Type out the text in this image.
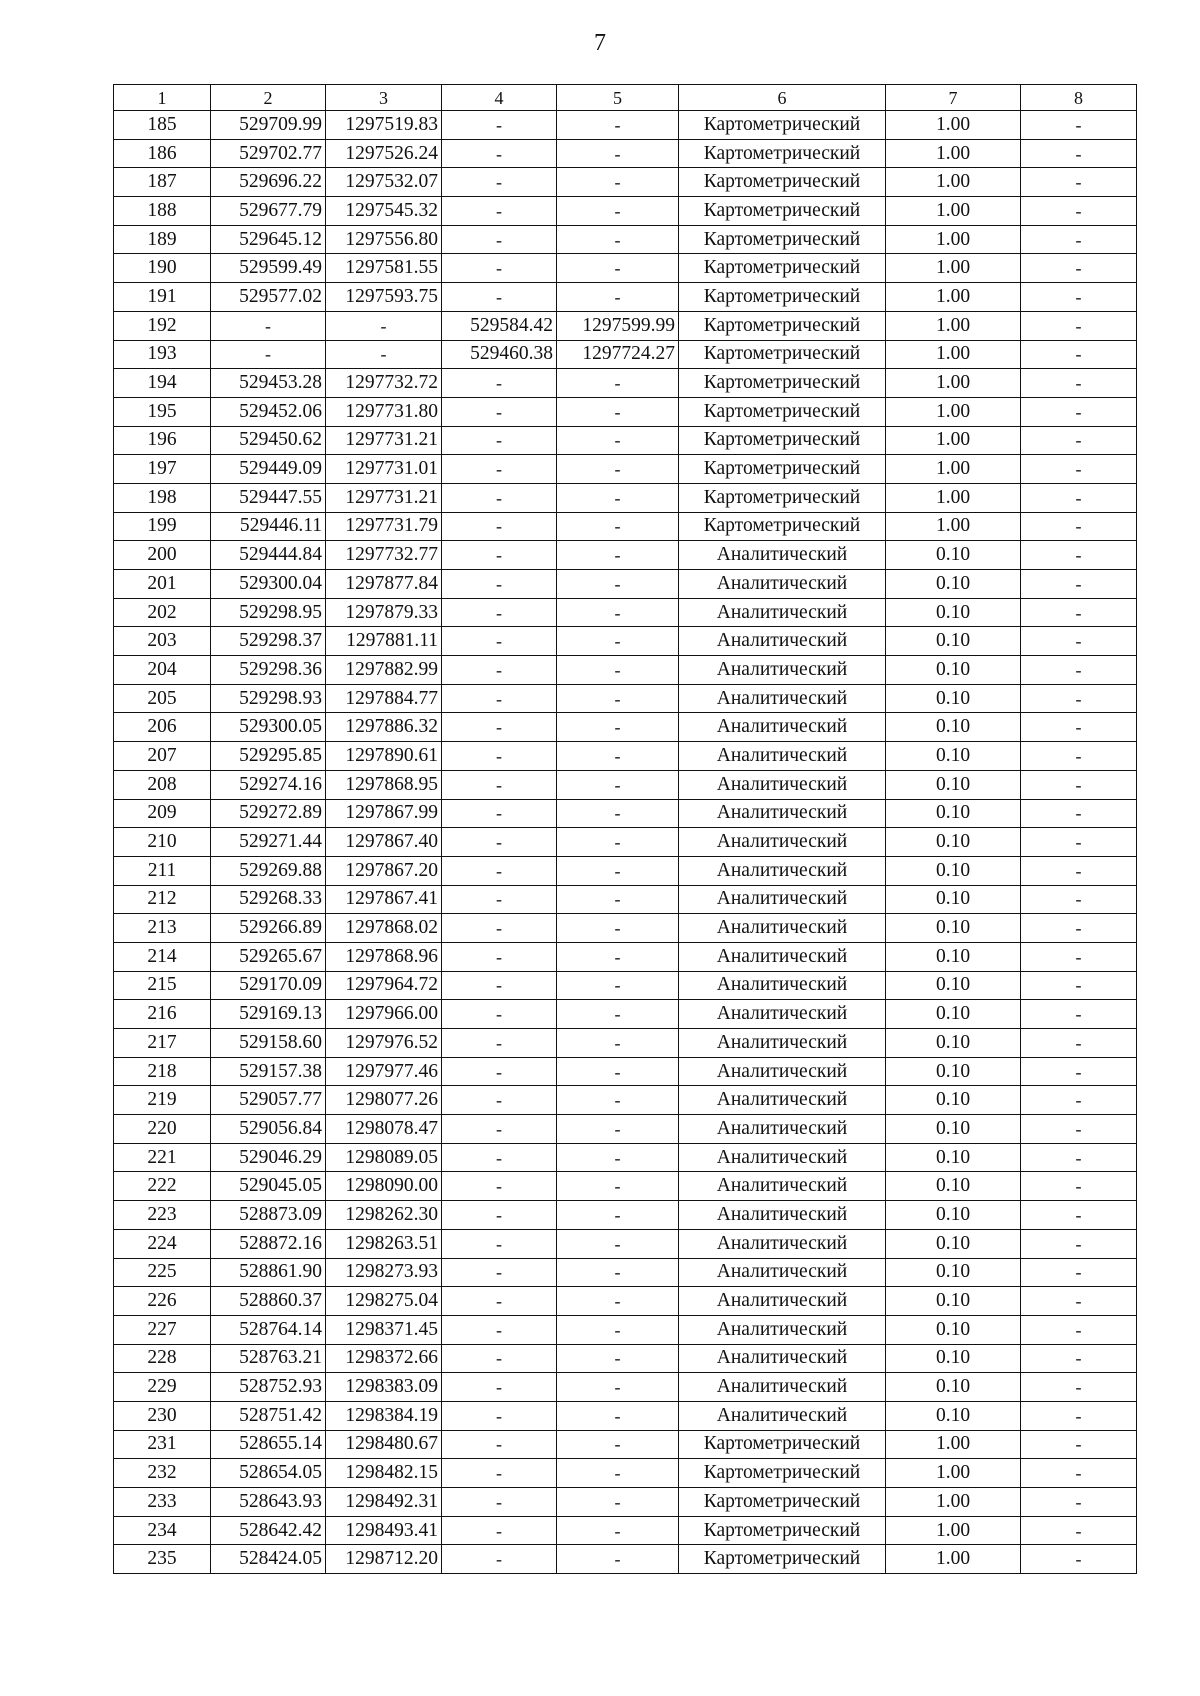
7
1	2	3	4	5	6	7	8
185	529709.99	1297519.83	-	-	Картометрический	1.00	-
186	529702.77	1297526.24	-	-	Картометрический	1.00	-
187	529696.22	1297532.07	-	-	Картометрический	1.00	-
188	529677.79	1297545.32	-	-	Картометрический	1.00	-
189	529645.12	1297556.80	-	-	Картометрический	1.00	-
190	529599.49	1297581.55	-	-	Картометрический	1.00	-
191	529577.02	1297593.75	-	-	Картометрический	1.00	-
192	-	-	529584.42	1297599.99	Картометрический	1.00	-
193	-	-	529460.38	1297724.27	Картометрический	1.00	-
194	529453.28	1297732.72	-	-	Картометрический	1.00	-
195	529452.06	1297731.80	-	-	Картометрический	1.00	-
196	529450.62	1297731.21	-	-	Картометрический	1.00	-
197	529449.09	1297731.01	-	-	Картометрический	1.00	-
198	529447.55	1297731.21	-	-	Картометрический	1.00	-
199	529446.11	1297731.79	-	-	Картометрический	1.00	-
200	529444.84	1297732.77	-	-	Аналитический	0.10	-
201	529300.04	1297877.84	-	-	Аналитический	0.10	-
202	529298.95	1297879.33	-	-	Аналитический	0.10	-
203	529298.37	1297881.11	-	-	Аналитический	0.10	-
204	529298.36	1297882.99	-	-	Аналитический	0.10	-
205	529298.93	1297884.77	-	-	Аналитический	0.10	-
206	529300.05	1297886.32	-	-	Аналитический	0.10	-
207	529295.85	1297890.61	-	-	Аналитический	0.10	-
208	529274.16	1297868.95	-	-	Аналитический	0.10	-
209	529272.89	1297867.99	-	-	Аналитический	0.10	-
210	529271.44	1297867.40	-	-	Аналитический	0.10	-
211	529269.88	1297867.20	-	-	Аналитический	0.10	-
212	529268.33	1297867.41	-	-	Аналитический	0.10	-
213	529266.89	1297868.02	-	-	Аналитический	0.10	-
214	529265.67	1297868.96	-	-	Аналитический	0.10	-
215	529170.09	1297964.72	-	-	Аналитический	0.10	-
216	529169.13	1297966.00	-	-	Аналитический	0.10	-
217	529158.60	1297976.52	-	-	Аналитический	0.10	-
218	529157.38	1297977.46	-	-	Аналитический	0.10	-
219	529057.77	1298077.26	-	-	Аналитический	0.10	-
220	529056.84	1298078.47	-	-	Аналитический	0.10	-
221	529046.29	1298089.05	-	-	Аналитический	0.10	-
222	529045.05	1298090.00	-	-	Аналитический	0.10	-
223	528873.09	1298262.30	-	-	Аналитический	0.10	-
224	528872.16	1298263.51	-	-	Аналитический	0.10	-
225	528861.90	1298273.93	-	-	Аналитический	0.10	-
226	528860.37	1298275.04	-	-	Аналитический	0.10	-
227	528764.14	1298371.45	-	-	Аналитический	0.10	-
228	528763.21	1298372.66	-	-	Аналитический	0.10	-
229	528752.93	1298383.09	-	-	Аналитический	0.10	-
230	528751.42	1298384.19	-	-	Аналитический	0.10	-
231	528655.14	1298480.67	-	-	Картометрический	1.00	-
232	528654.05	1298482.15	-	-	Картометрический	1.00	-
233	528643.93	1298492.31	-	-	Картометрический	1.00	-
234	528642.42	1298493.41	-	-	Картометрический	1.00	-
235	528424.05	1298712.20	-	-	Картометрический	1.00	-
